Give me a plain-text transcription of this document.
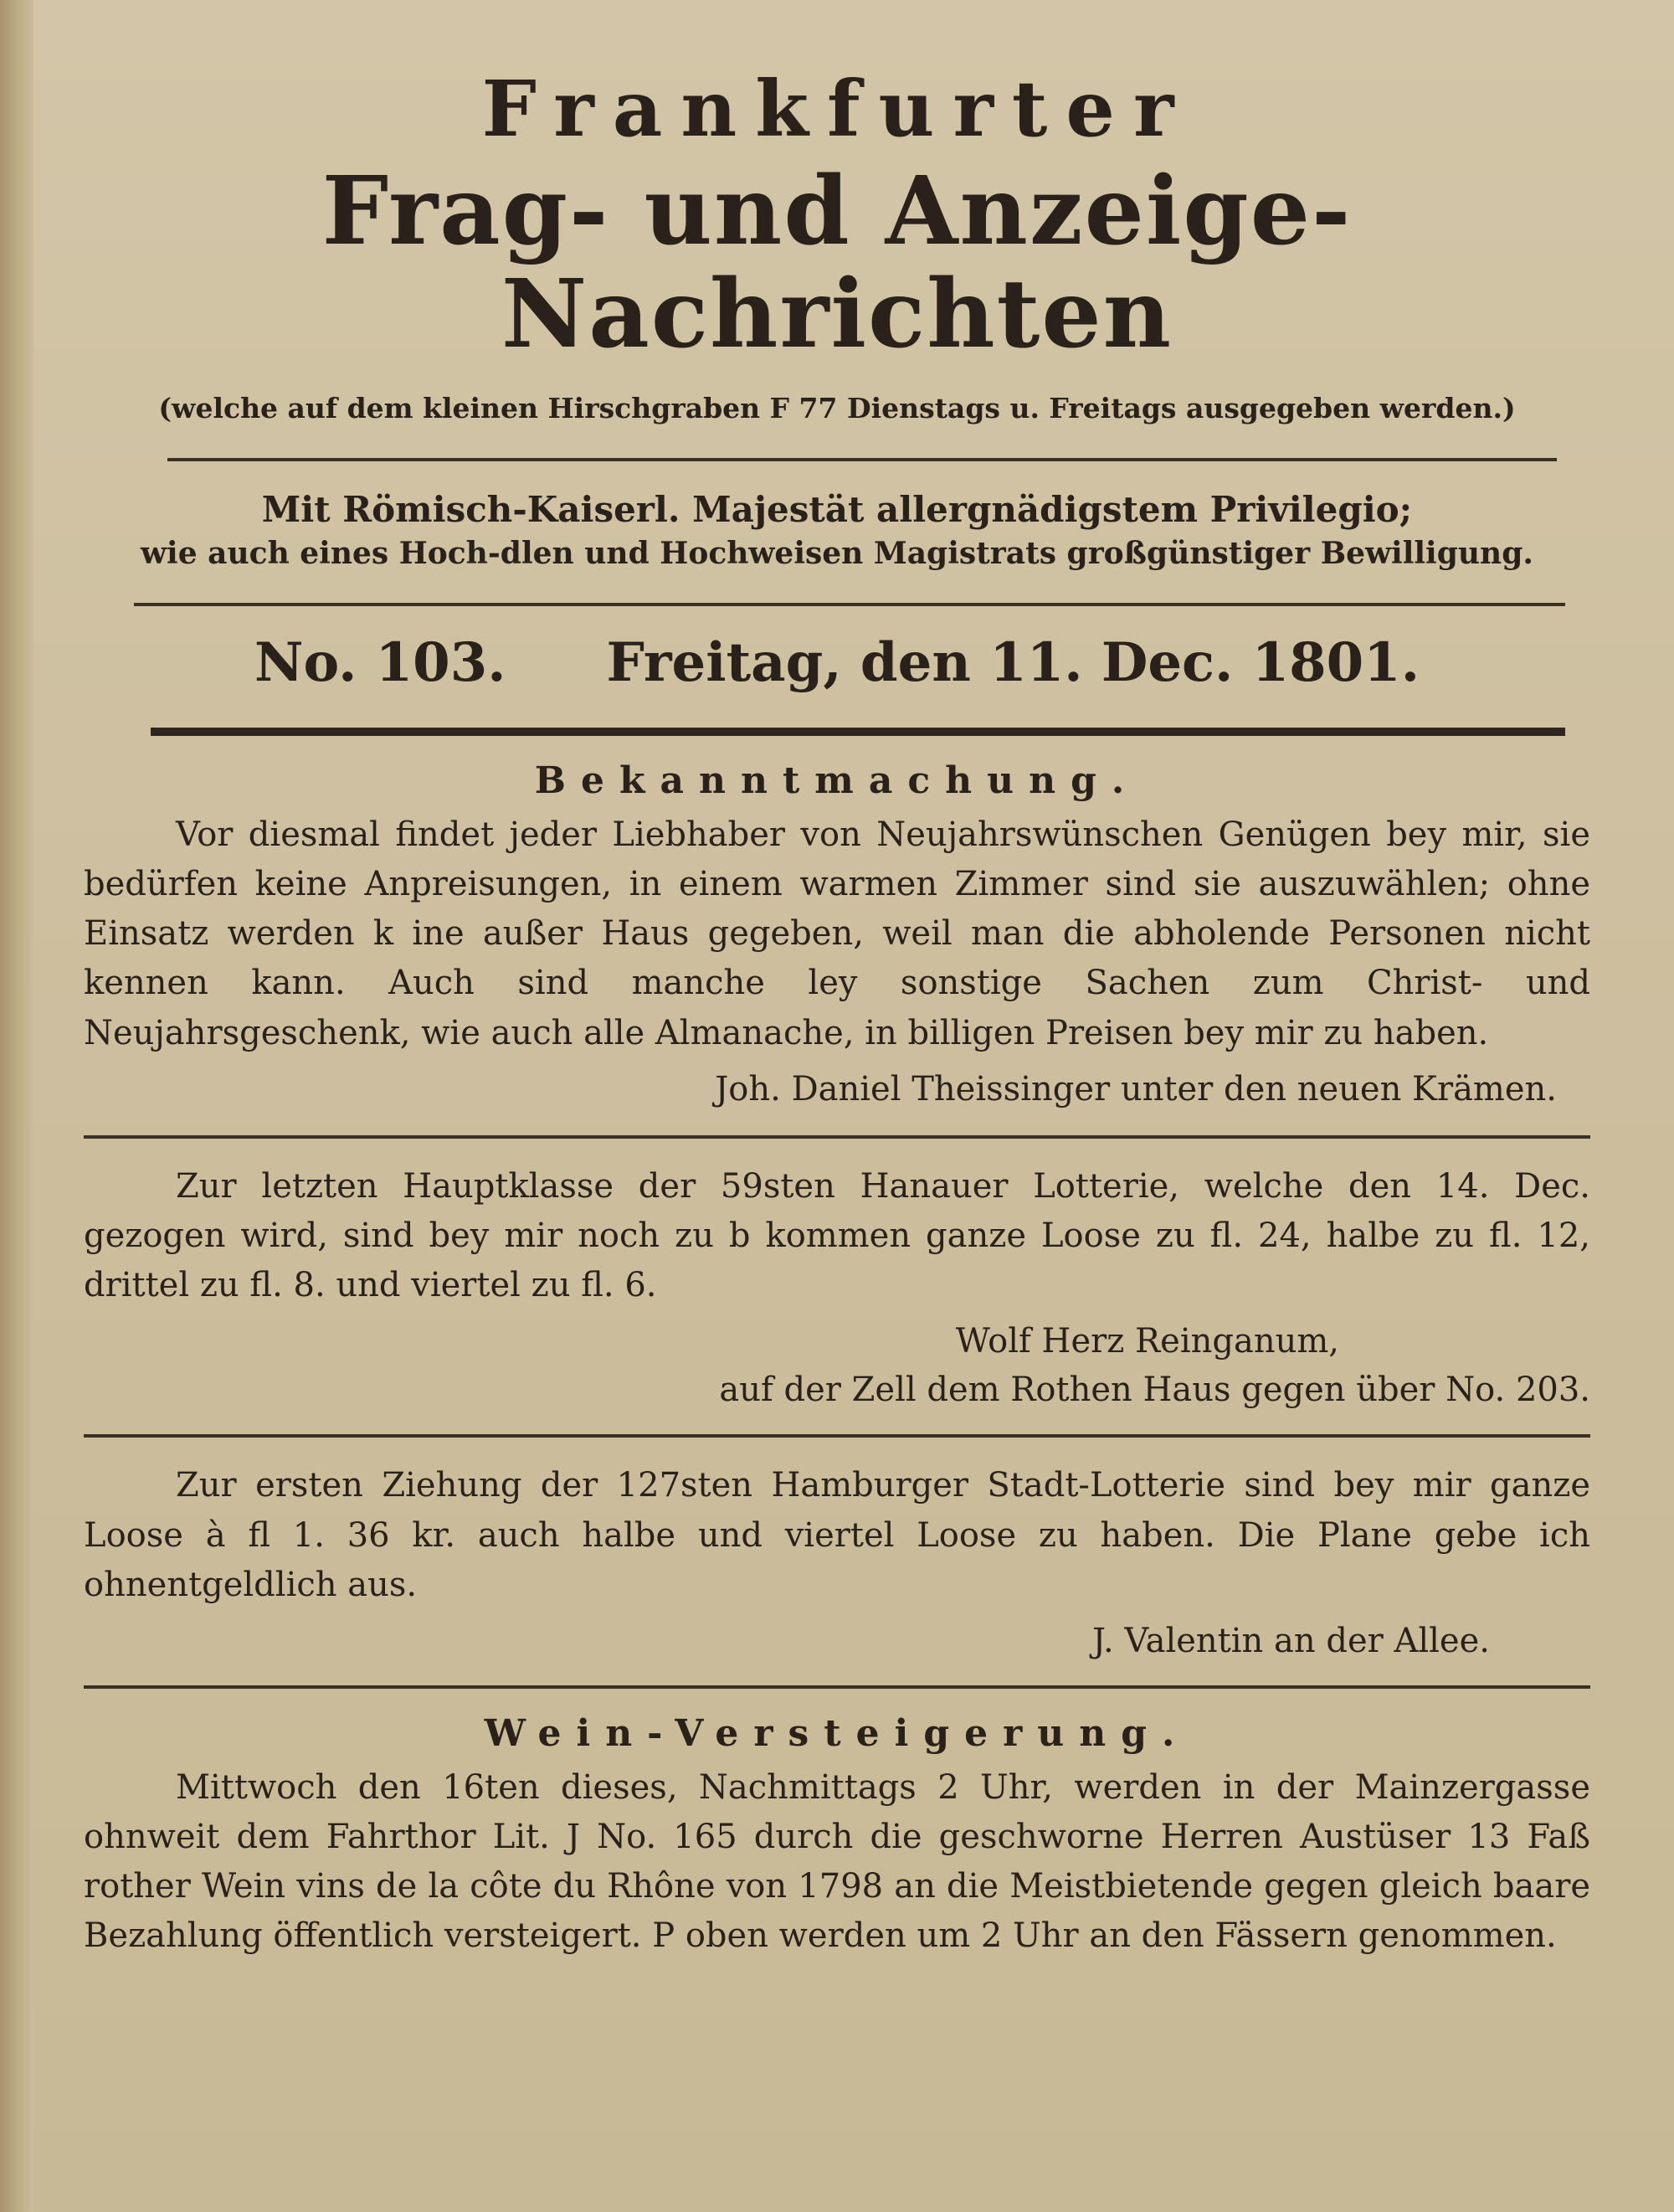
Frankfurter

Frag- und Anzeige-Nachrichten

(welche auf dem kleinen Hirschgraben F 77 Dienstags u. Freitags ausgegeben werden.)

Mit Römisch-Kaiserl. Majestät allergnädigstem Privilegio;

wie auch eines Hoch-dlen und Hochweisen Magistrats großgünstiger Bewilligung.

No. 103. Freitag, den 11. Dec. 1801.

Bekanntmachung.

Vor diesmal findet jeder Liebhaber von Neujahrswünschen Genügen bey mir, sie bedürfen keine Anpreisungen, in einem warmen Zimmer sind sie auszuwählen; ohne Einsatz werden k ine außer Haus gegeben, weil man die abholende Personen nicht kennen kann. Auch sind manche ley sonstige Sachen zum Christ- und Neujahrsgeschenk, wie auch alle Almanache, in billigen Preisen bey mir zu haben.

Joh. Daniel Theissinger unter den neuen Krämen.

Zur letzten Hauptklasse der 59sten Hanauer Lotterie, welche den 14. Dec. gezogen wird, sind bey mir noch zu b kommen ganze Loose zu fl. 24, halbe zu fl. 12, drittel zu fl. 8. und viertel zu fl. 6.

Wolf Herz Reinganum,

auf der Zell dem Rothen Haus gegen über No. 203.

Zur ersten Ziehung der 127sten Hamburger Stadt-Lotterie sind bey mir ganze Loose à fl 1. 36 kr. auch halbe und viertel Loose zu haben. Die Plane gebe ich ohnentgeldlich aus.

J. Valentin an der Allee.

Wein-Versteigerung.

Mittwoch den 16ten dieses, Nachmittags 2 Uhr, werden in der Mainzergasse ohnweit dem Fahrthor Lit. J No. 165 durch die geschworne Herren Austüser 13 Faß rother Wein vins de la côte du Rhône von 1798 an die Meistbietende gegen gleich baare Bezahlung öffentlich versteigert. P oben werden um 2 Uhr an den Fässern genommen.
